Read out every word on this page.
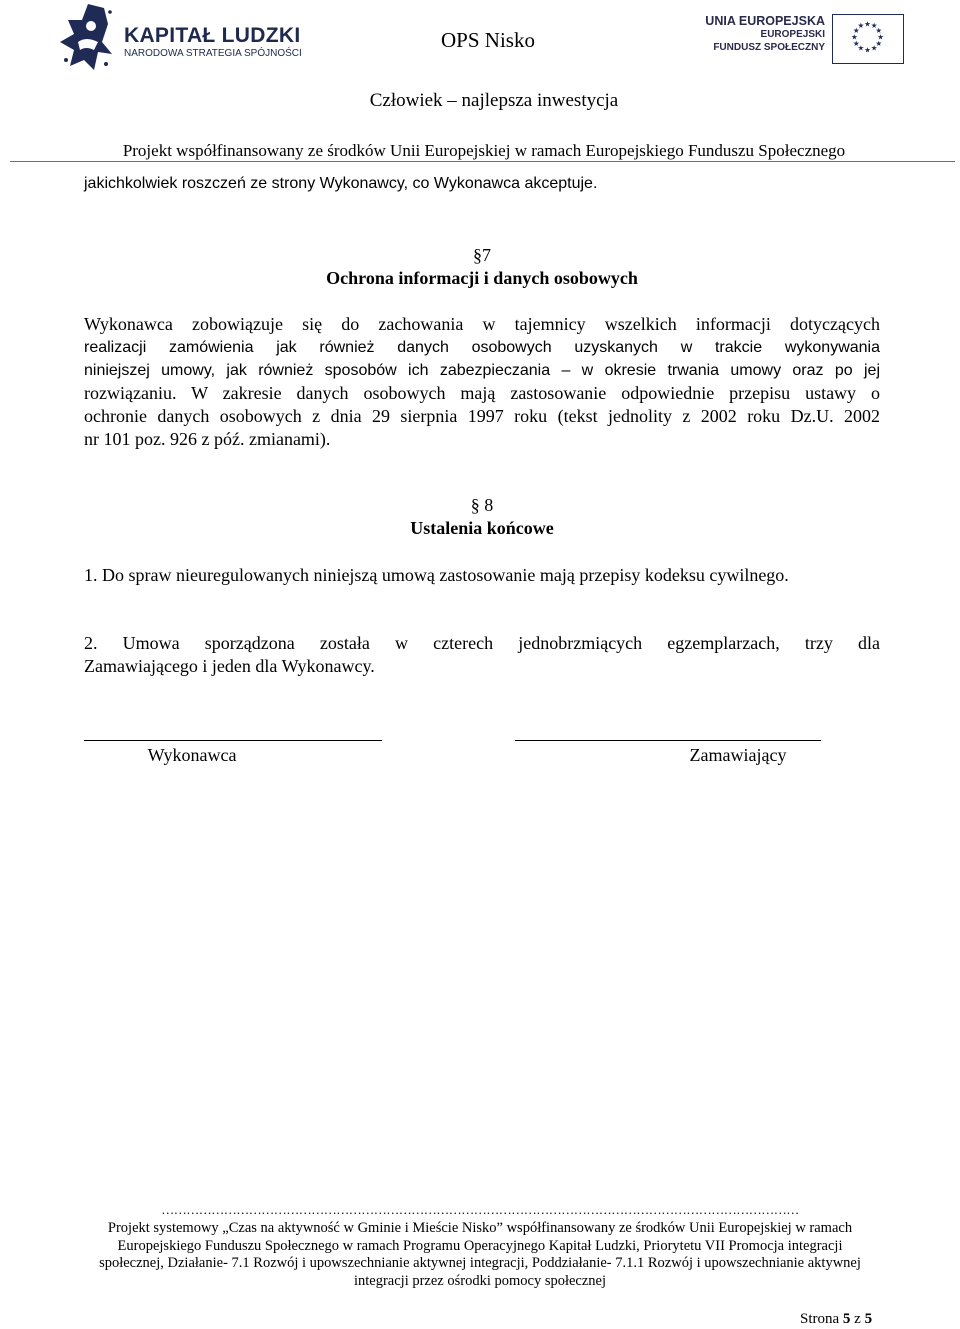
KAPITAŁ LUDZKI
NARODOWA STRATEGIA SPÓJNOŚCI
OPS Nisko
UNIA EUROPEJSKA
EUROPEJSKI
FUNDUSZ SPOŁECZNY
★ ★
★
★
★
★
★
★
★
★
★
★
Człowiek – najlepsza inwestycja
Projekt współfinansowany ze środków Unii Europejskiej w ramach Europejskiego Funduszu Społecznego
jakichkolwiek roszczeń ze strony Wykonawcy, co Wykonawca akceptuje.
§7
Ochrona informacji i danych osobowych
Wykonawca zobowiązuje się do zachowania w tajemnicy wszelkich informacji dotyczących
realizacji zamówienia jak również danych osobowych uzyskanych w trakcie wykonywania
niniejszej umowy, jak również sposobów ich zabezpieczania – w okresie trwania umowy oraz po jej
rozwiązaniu. W zakresie danych osobowych mają zastosowanie odpowiednie przepisu ustawy o
ochronie danych osobowych z dnia 29 sierpnia 1997 roku (tekst jednolity z 2002 roku Dz.U. 2002
nr 101 poz. 926 z póź. zmianami).
§ 8
Ustalenia końcowe
1. Do spraw nieuregulowanych niniejszą umową zastosowanie mają przepisy kodeksu cywilnego.
2. Umowa sporządzona została w czterech jednobrzmiących egzemplarzach, trzy dla
Zamawiającego i jeden dla Wykonawcy.
Wykonawca	Zamawiający
………………………………………………………………………………………………………………………………………
Projekt systemowy „Czas na aktywność w Gminie i Mieście Nisko” współfinansowany ze środków Unii Europejskiej w ramach
Europejskiego Funduszu Społecznego w ramach Programu Operacyjnego Kapitał Ludzki, Priorytetu VII Promocja integracji
społecznej, Działanie- 7.1 Rozwój i upowszechnianie aktywnej integracji, Poddziałanie- 7.1.1 Rozwój i upowszechnianie aktywnej
integracji przez ośrodki pomocy społecznej
Strona 5 z 5
